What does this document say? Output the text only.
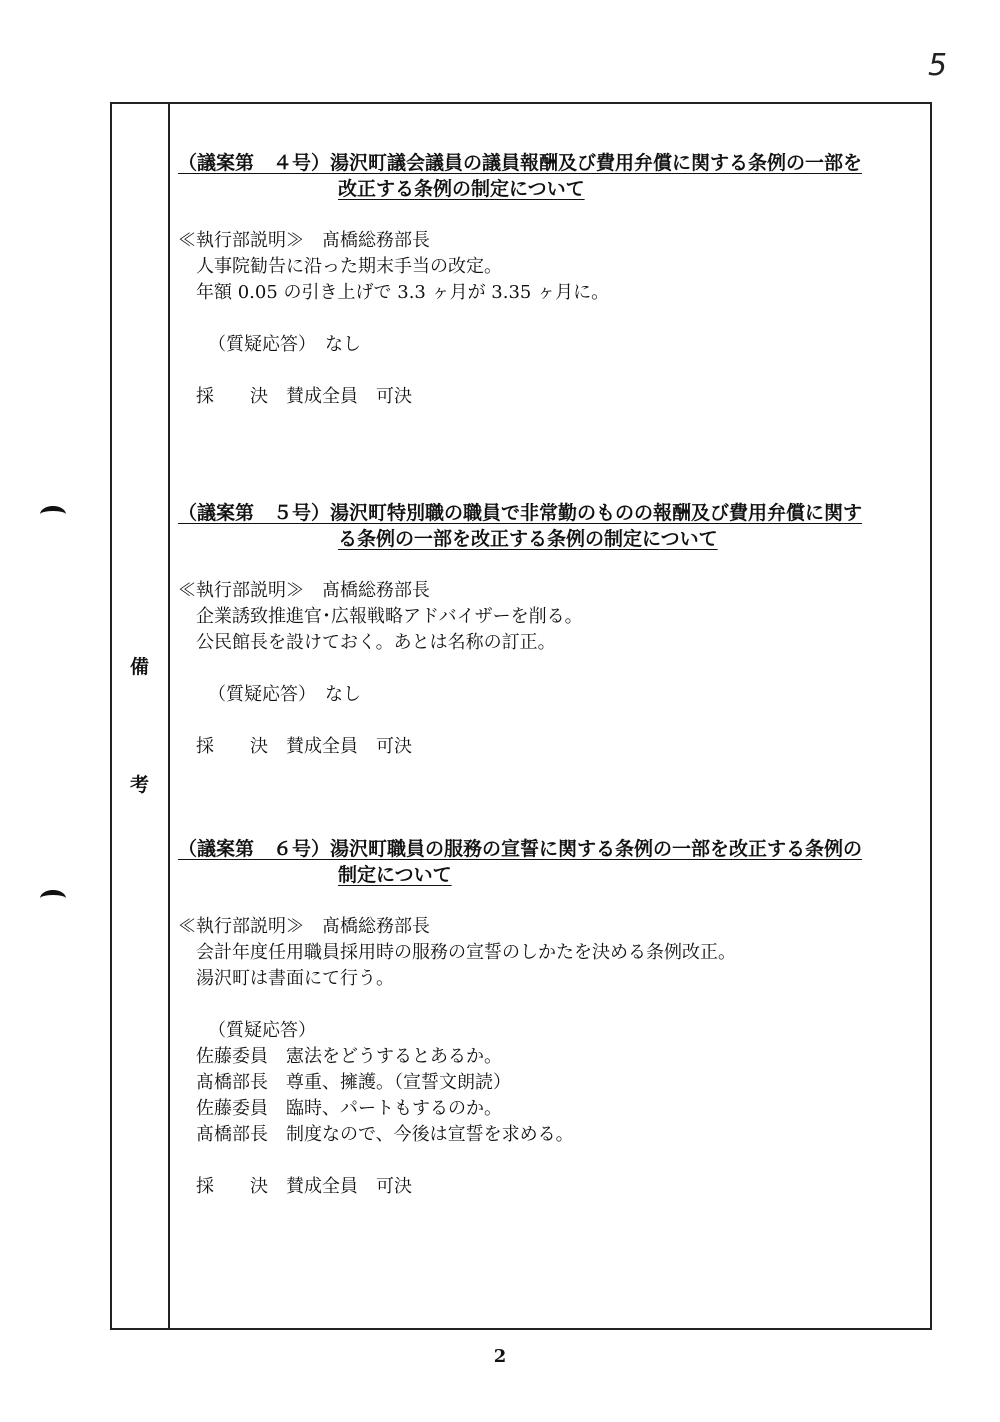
5
備
考
（議案第　４号）湯沢町議会議員の議員報酬及び費用弁償に関する条例の一部を
改正する条例の制定について
≪執行部説明≫　髙橋総務部長
人事院勧告に沿った期末手当の改定。
年額 0.05 の引き上げで 3.3 ヶ月が 3.35 ヶ月に。
（質疑応答）　なし
採　　決　賛成全員　可決
（議案第　５号）湯沢町特別職の職員で非常勤のものの報酬及び費用弁償に関す
る条例の一部を改正する条例の制定について
≪執行部説明≫　髙橋総務部長
企業誘致推進官･広報戦略アドバイザーを削る。
公民館長を設けておく。あとは名称の訂正。
（質疑応答）　なし
採　　決　賛成全員　可決
（議案第　６号）湯沢町職員の服務の宣誓に関する条例の一部を改正する条例の
制定について
≪執行部説明≫　髙橋総務部長
会計年度任用職員採用時の服務の宣誓のしかたを決める条例改正。
湯沢町は書面にて行う。
（質疑応答）
佐藤委員　憲法をどうするとあるか。
髙橋部長　尊重、擁護。（宣誓文朗読）
佐藤委員　臨時、パートもするのか。
髙橋部長　制度なので、今後は宣誓を求める。
採　　決　賛成全員　可決
2
